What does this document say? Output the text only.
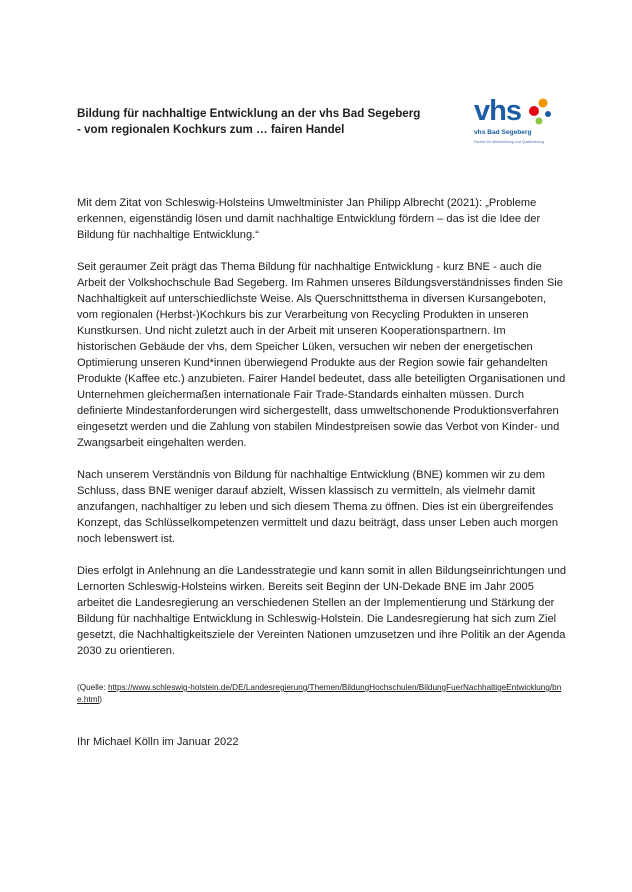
Bildung für nachhaltige Entwicklung an der vhs Bad Segeberg
- vom regionalen Kochkurs zum … fairen Handel
vhs
vhs Bad Segeberg
Partner für Weiterbildung und Qualifizierung

Mit dem Zitat von Schleswig-Holsteins Umweltminister Jan Philipp Albrecht (2021): „Probleme erkennen, eigenständig lösen und damit nachhaltige Entwicklung fördern – das ist die Idee der Bildung für nachhaltige Entwicklung.“

Seit geraumer Zeit prägt das Thema Bildung für nachhaltige Entwicklung - kurz BNE - auch die Arbeit der Volkshochschule Bad Segeberg. Im Rahmen unseres Bildungsverständnisses finden Sie Nachhaltigkeit auf unterschiedlichste Weise. Als Querschnittsthema in diversen Kursangeboten, vom regionalen (Herbst-)Kochkurs bis zur Verarbeitung von Recycling Produkten in unseren Kunstkursen. Und nicht zuletzt auch in der Arbeit mit unseren Kooperationspartnern. Im historischen Gebäude der vhs, dem Speicher Lüken, versuchen wir neben der energetischen Optimierung unseren Kund*innen überwiegend Produkte aus der Region sowie fair gehandelten Produkte (Kaffee etc.) anzubieten. Fairer Handel bedeutet, dass alle beteiligten Organisationen und Unternehmen gleichermaßen internationale Fair Trade-Standards einhalten müssen. Durch definierte Mindestanforderungen wird sichergestellt, dass umweltschonende Produktionsverfahren eingesetzt werden und die Zahlung von stabilen Mindestpreisen sowie das Verbot von Kinder- und Zwangsarbeit eingehalten werden.

Nach unserem Verständnis von Bildung für nachhaltige Entwicklung (BNE) kommen wir zu dem Schluss, dass BNE weniger darauf abzielt, Wissen klassisch zu vermitteln, als vielmehr damit anzufangen, nachhaltiger zu leben und sich diesem Thema zu öffnen. Dies ist ein übergreifendes Konzept, das Schlüsselkompetenzen vermittelt und dazu beiträgt, dass unser Leben auch morgen noch lebenswert ist.

Dies erfolgt in Anlehnung an die Landesstrategie und kann somit in allen Bildungseinrichtungen und Lernorten Schleswig-Holsteins wirken. Bereits seit Beginn der UN-Dekade BNE im Jahr 2005 arbeitet die Landesregierung an verschiedenen Stellen an der Implementierung und Stärkung der Bildung für nachhaltige Entwicklung in Schleswig-Holstein. Die Landesregierung hat sich zum Ziel gesetzt, die Nachhaltigkeitsziele der Vereinten Nationen umzusetzen und ihre Politik an der Agenda 2030 zu orientieren.

(Quelle: https://www.schleswig-holstein.de/DE/Landesregierung/Themen/BildungHochschulen/BildungFuerNachhaltigeEntwicklung/bne.html)
Ihr Michael Kölln im Januar 2022
